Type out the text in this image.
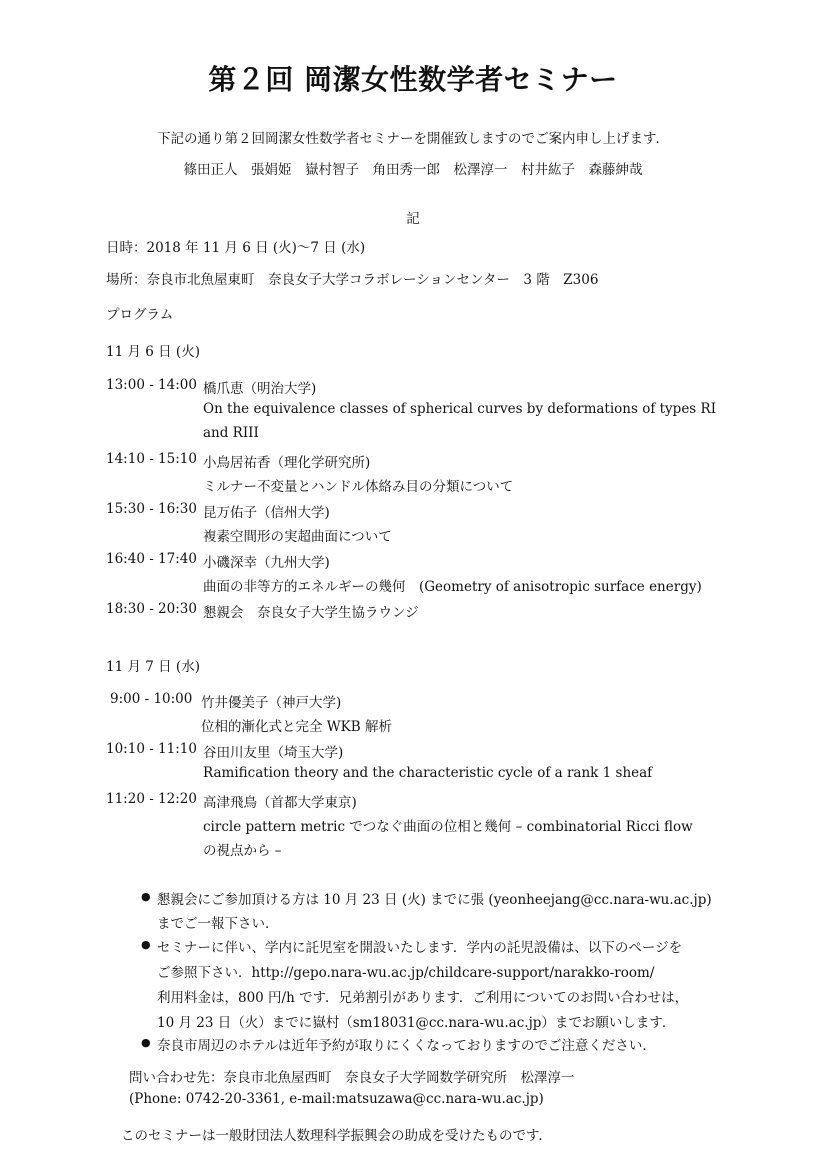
第２回 岡潔女性数学者セミナー
下記の通り第２回岡潔女性数学者セミナーを開催致しますのでご案内申し上げます．
篠田正人　張娟姫　嶽村智子　角田秀一郎　松澤淳一　村井紘子　森藤紳哉
記
日時：2018 年 11 月 6 日 (火)〜7 日 (水)
場所：奈良市北魚屋東町　奈良女子大学コラボレーションセンター　3 階　Z306
プログラム
11 月 6 日 (火)
13:00 - 14:00 橋爪恵（明治大学)
On the equivalence classes of spherical curves by deformations of types RI
and RIII
14:10 - 15:10 小鳥居祐香（理化学研究所)
ミルナー不変量とハンドル体絡み目の分類について
15:30 - 16:30 昆万佑子（信州大学)
複素空間形の実超曲面について
16:40 - 17:40 小磯深幸（九州大学)
曲面の非等方的エネルギーの幾何　(Geometry of anisotropic surface energy)
18:30 - 20:30 懇親会　奈良女子大学生協ラウンジ
11 月 7 日 (水)
9:00 - 10:00 竹井優美子（神戸大学)
位相的漸化式と完全 WKB 解析
10:10 - 11:10 谷田川友里（埼玉大学)
Ramification theory and the characteristic cycle of a rank 1 sheaf
11:20 - 12:20 高津飛鳥（首都大学東京)
circle pattern metric でつなぐ曲面の位相と幾何 – combinatorial Ricci flow
の視点から –
● 懇親会にご参加頂ける方は 10 月 23 日 (火) までに張 (yeonheejang@cc.nara-wu.ac.jp)
までご一報下さい．
● セミナーに伴い、学内に託児室を開設いたします．学内の託児設備は、以下のページを
ご参照下さい．http://gepo.nara-wu.ac.jp/childcare-support/narakko-room/
利用料金は，800 円/h です．兄弟割引があります．ご利用についてのお問い合わせは，
10 月 23 日（火）までに嶽村（sm18031@cc.nara-wu.ac.jp）までお願いします．
● 奈良市周辺のホテルは近年予約が取りにくくなっておりますのでご注意ください．
問い合わせ先：奈良市北魚屋西町　奈良女子大学岡数学研究所　松澤淳一
(Phone: 0742-20-3361, e-mail:matsuzawa@cc.nara-wu.ac.jp)
このセミナーは一般財団法人数理科学振興会の助成を受けたものです．
